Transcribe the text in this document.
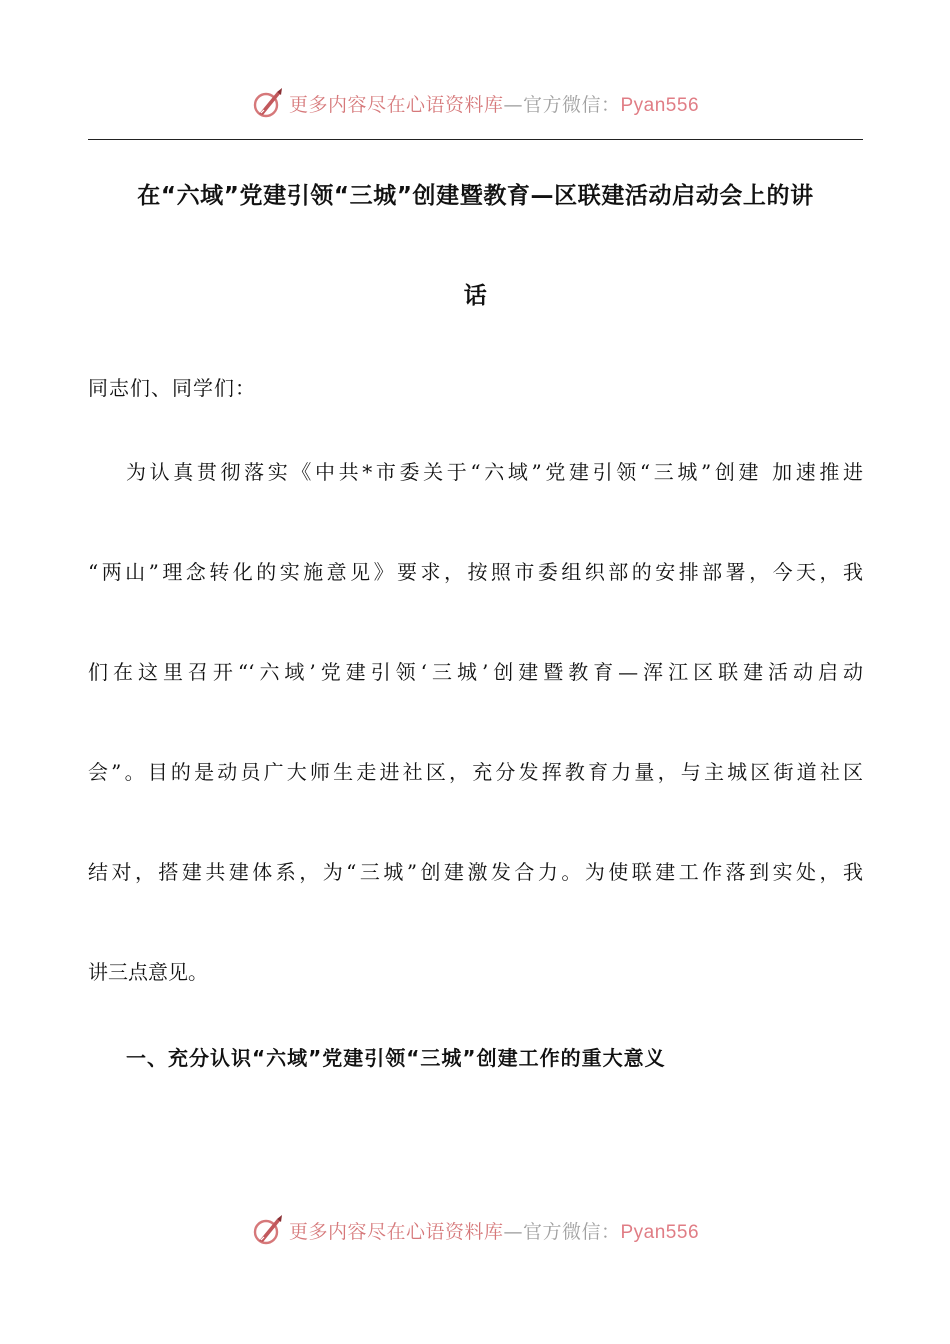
更多内容尽在心语资料库—官方微信：Pyan556
在“六域”党建引领“三城”创建暨教育—区联建活动启动会上的讲
话

同志们、同学们：

为认真贯彻落实《中共*市委关于“六域”党建引领“三城”创建 加速推进
“两山”理念转化的实施意见》要求，按照市委组织部的安排部署，今天，我
们在这里召开“‘六域’党建引领‘三城’创建暨教育—浑江区联建活动启动
会”。目的是动员广大师生走进社区，充分发挥教育力量，与主城区街道社区
结对，搭建共建体系，为“三城”创建激发合力。为使联建工作落到实处，我
讲三点意见。
一、充分认识“六域”党建引领“三城”创建工作的重大意义
更多内容尽在心语资料库—官方微信：Pyan556
